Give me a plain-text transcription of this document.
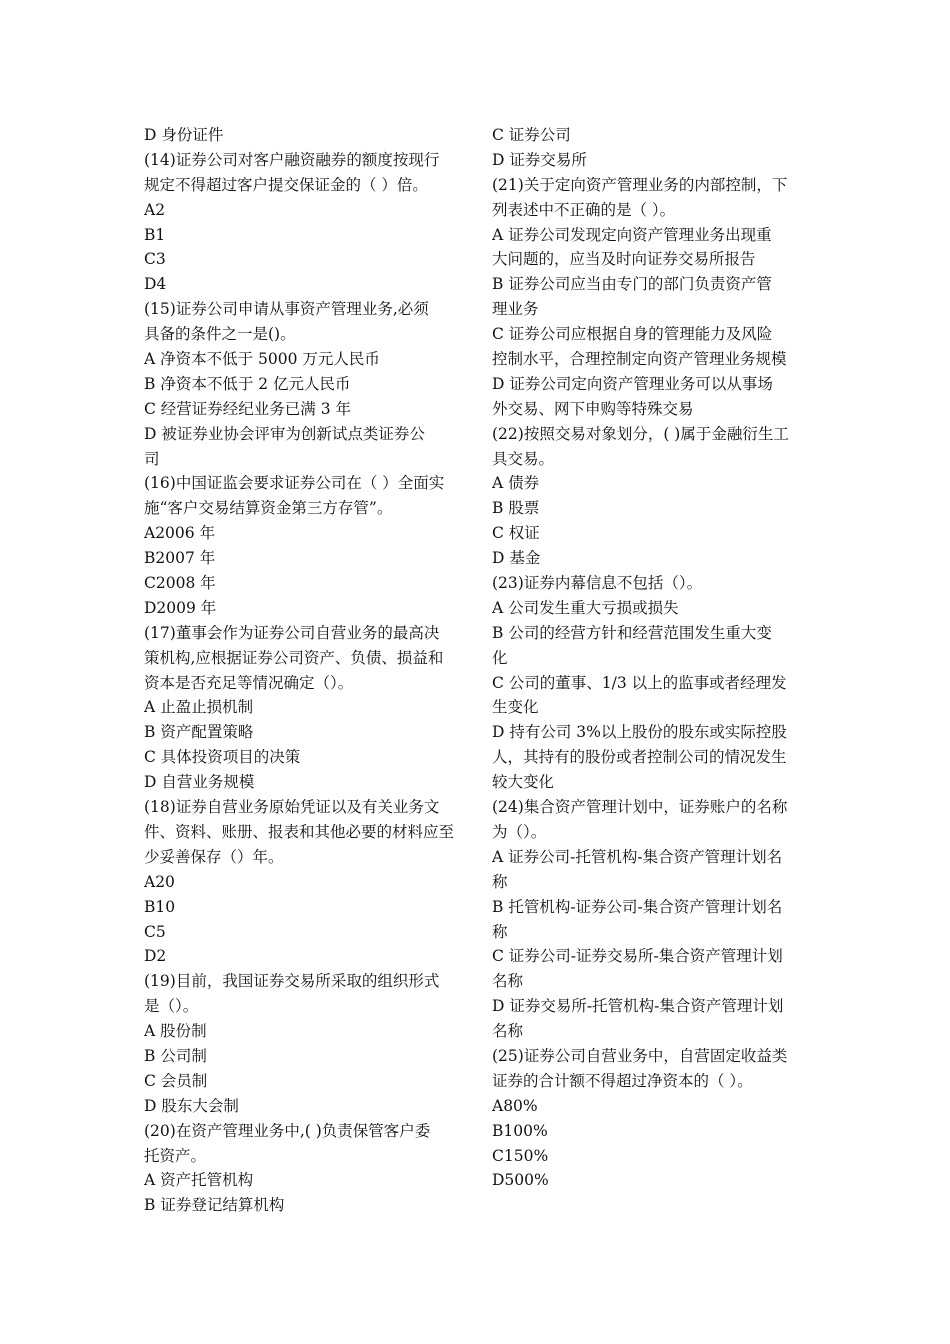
D 身份证件
(14)证券公司对客户融资融券的额度按现行
规定不得超过客户提交保证金的（ ）倍。
A2
B1
C3
D4
(15)证券公司申请从事资产管理业务,必须
具备的条件之一是()。
A 净资本不低于 5000 万元人民币
B 净资本不低于 2 亿元人民币
C 经营证券经纪业务已满 3 年
D 被证券业协会评审为创新试点类证券公
司
(16)中国证监会要求证券公司在（ ）全面实
施“客户交易结算资金第三方存管”。
A2006 年
B2007 年
C2008 年
D2009 年
(17)董事会作为证券公司自营业务的最高决
策机构,应根据证券公司资产、负债、损益和
资本是否充足等情况确定（）。
A 止盈止损机制
B 资产配置策略
C 具体投资项目的决策
D 自营业务规模
(18)证券自营业务原始凭证以及有关业务文
件、资料、账册、报表和其他必要的材料应至
少妥善保存（）年。
A20
B10
C5
D2
(19)目前，我国证券交易所采取的组织形式
是（）。
A 股份制
B 公司制
C 会员制
D 股东大会制
(20)在资产管理业务中,( )负责保管客户委
托资产。
A 资产托管机构
B 证券登记结算机构
C 证券公司
D 证券交易所
(21)关于定向资产管理业务的内部控制，下
列表述中不正确的是（ ）。
A 证券公司发现定向资产管理业务出现重
大问题的，应当及时向证券交易所报告
B 证券公司应当由专门的部门负责资产管
理业务
C 证券公司应根据自身的管理能力及风险
控制水平，合理控制定向资产管理业务规模
D 证券公司定向资产管理业务可以从事场
外交易、网下申购等特殊交易
(22)按照交易对象划分，( )属于金融衍生工
具交易。
A 债券
B 股票
C 权证
D 基金
(23)证券内幕信息不包括（）。
A 公司发生重大亏损或损失
B 公司的经营方针和经营范围发生重大变
化
C 公司的董事、1/3 以上的监事或者经理发
生变化
D 持有公司 3%以上股份的股东或实际控股
人，其持有的股份或者控制公司的情况发生
较大变化
(24)集合资产管理计划中，证券账户的名称
为（）。
A 证券公司-托管机构-集合资产管理计划名
称
B 托管机构-证券公司-集合资产管理计划名
称
C 证券公司-证券交易所-集合资产管理计划
名称
D 证券交易所-托管机构-集合资产管理计划
名称
(25)证券公司自营业务中，自营固定收益类
证券的合计额不得超过净资本的（ ）。
A80%
B100%
C150%
D500%
